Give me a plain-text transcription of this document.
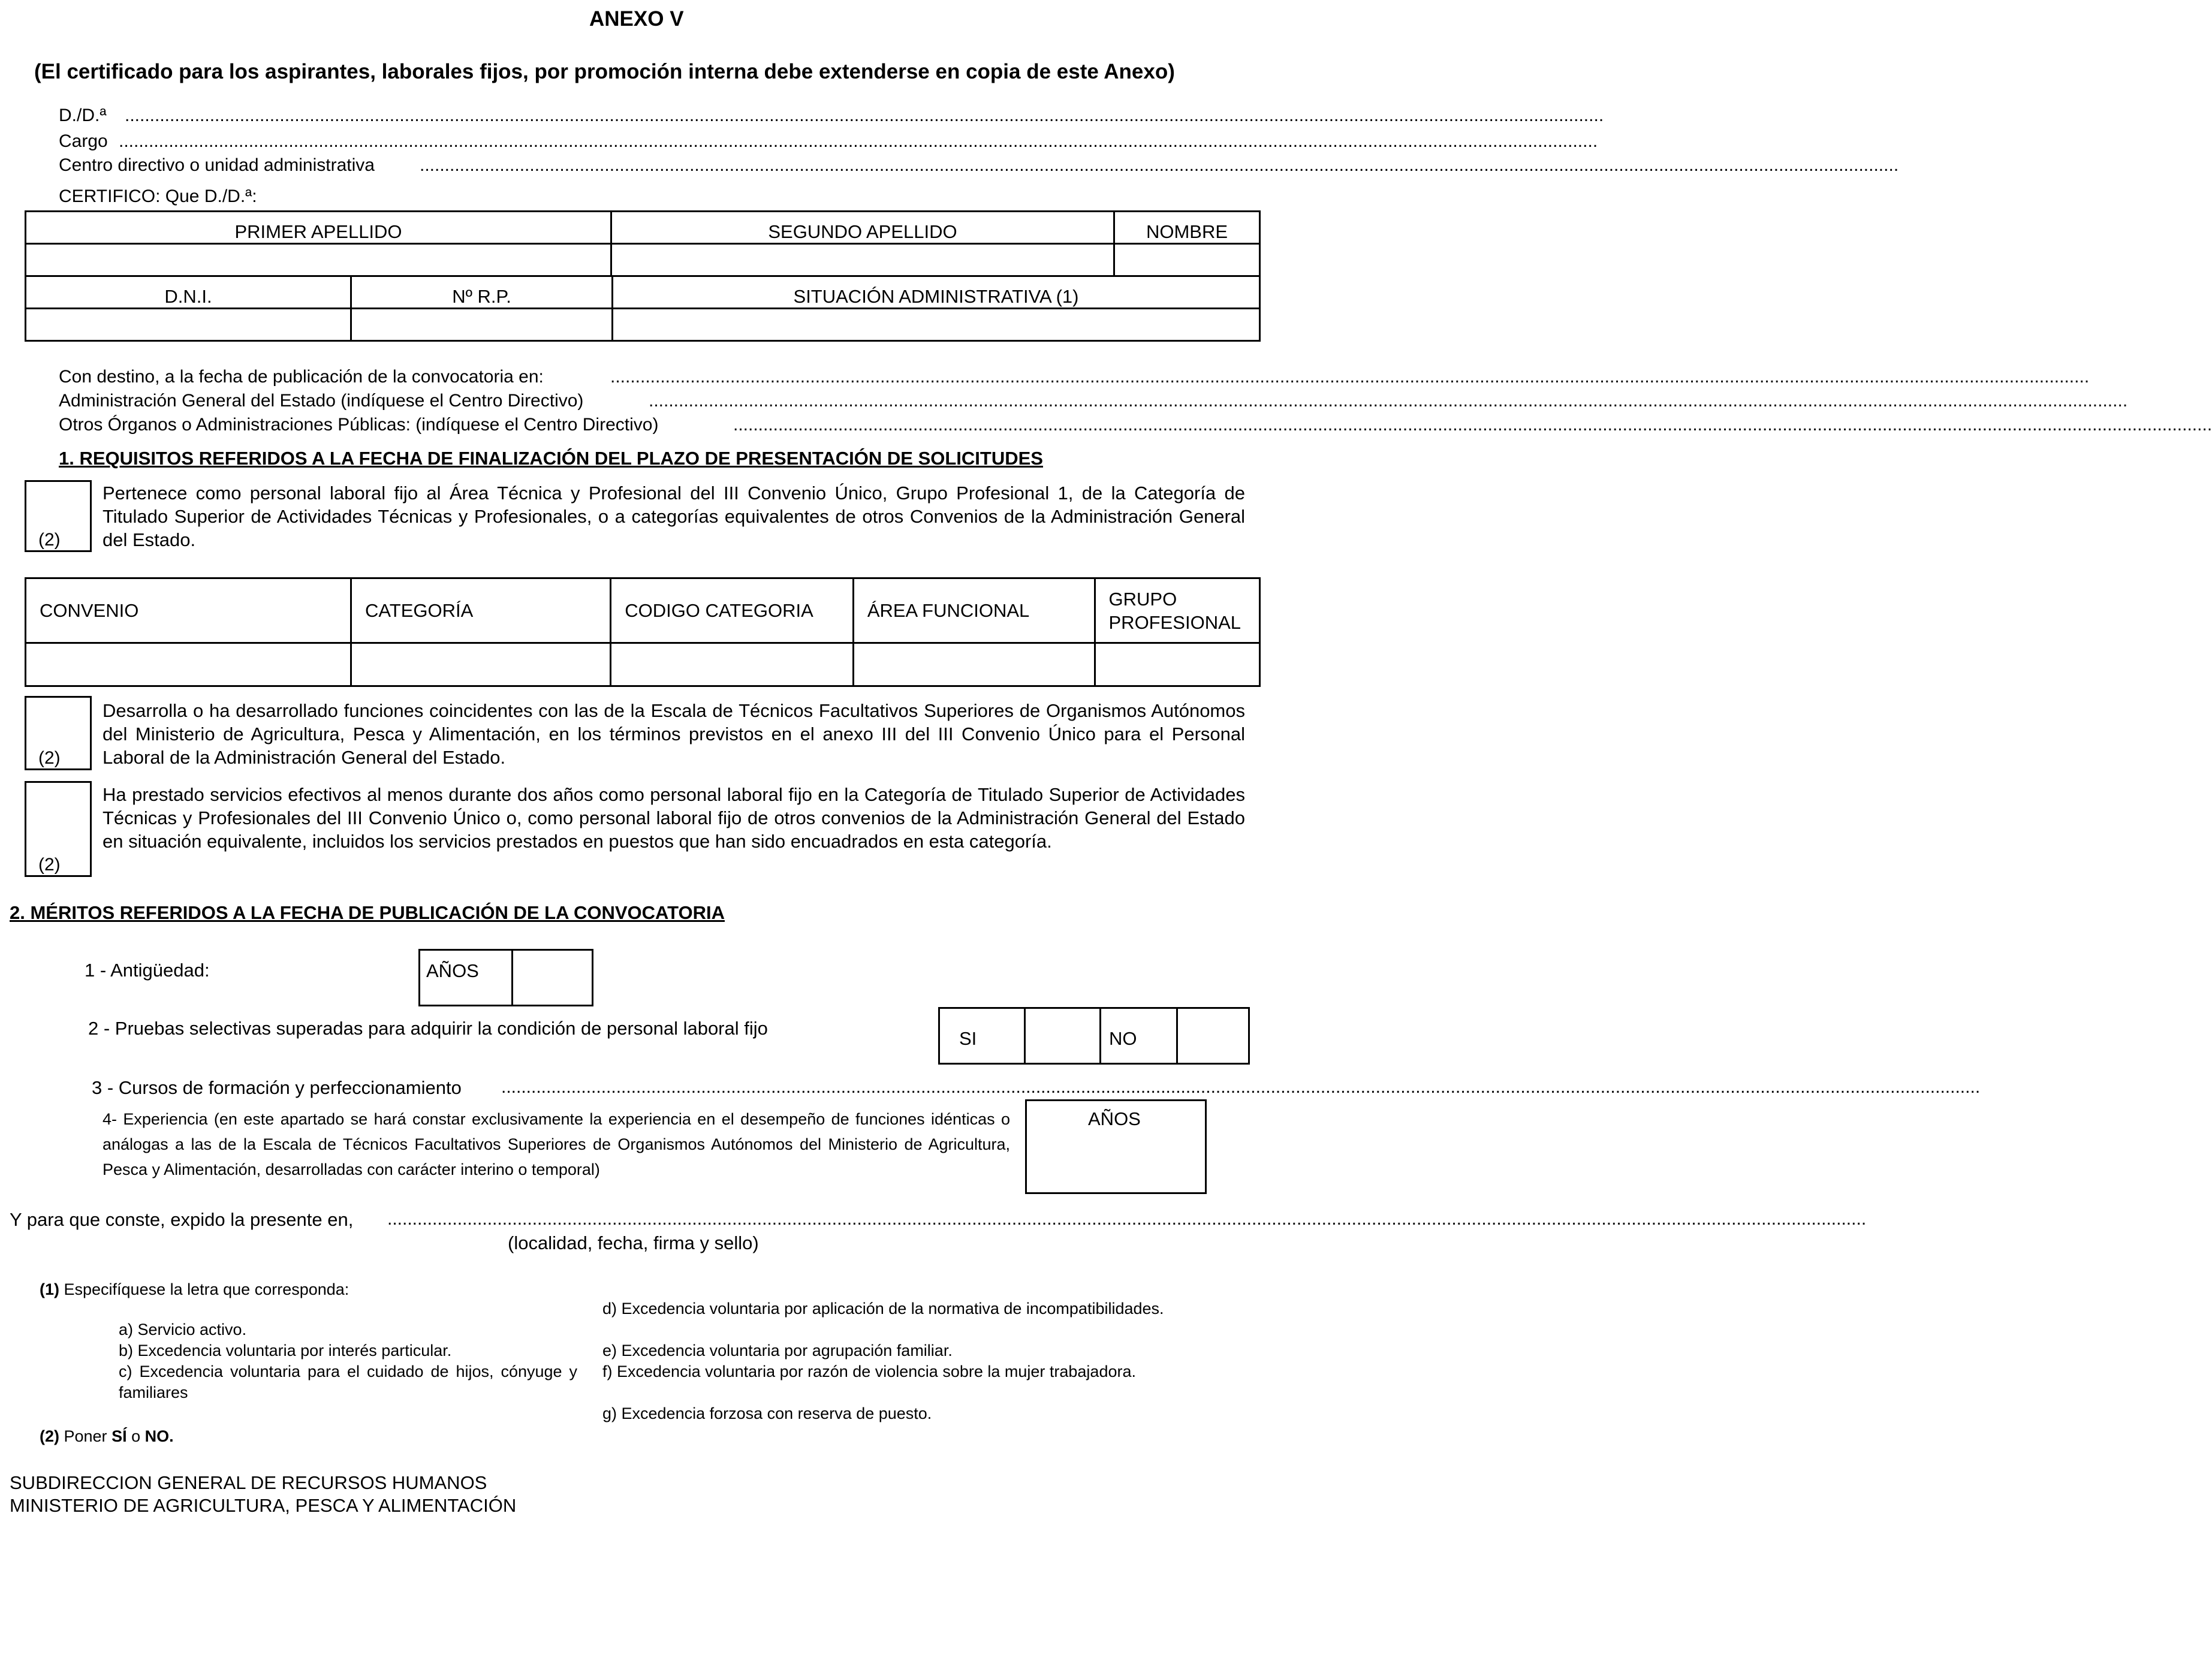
ANEXO V
(El certificado para los aspirantes, laborales fijos, por promoción interna debe extenderse en copia de este Anexo)
D./D.ª ........................................................................................................................................................................................................................................................................................................
Cargo ........................................................................................................................................................................................................................................................................................................
Centro directivo o unidad administrativa	........................................................................................................................................................................................................................................................................................................
CERTIFICO: Que D./D.ª:
PRIMER APELLIDO	SEGUNDO APELLIDO	NOMBRE

D.N.I.	Nº R.P.	SITUACIÓN ADMINISTRATIVA (1)

Con destino, a la fecha de publicación de la convocatoria en:	........................................................................................................................................................................................................................................................................................................
Administración General del Estado (indíquese el Centro Directivo)	........................................................................................................................................................................................................................................................................................................
Otros Órganos o Administraciones Públicas: (indíquese el Centro Directivo)	........................................................................................................................................................................................................................................................................................................
1. REQUISITOS REFERIDOS A LA FECHA DE FINALIZACIÓN DEL PLAZO DE PRESENTACIÓN DE SOLICITUDES
(2)
Pertenece como personal laboral fijo al Área Técnica y Profesional del III Convenio Único, Grupo Profesional 1, de la Categoría de Titulado Superior de Actividades Técnicas y Profesionales, o a categorías equivalentes de otros Convenios de la Administración General del Estado.
CONVENIO	CATEGORÍA	CODIGO CATEGORIA	ÁREA FUNCIONAL	GRUPO PROFESIONAL

(2)
Desarrolla o ha desarrollado funciones coincidentes con las de la Escala de Técnicos Facultativos Superiores de Organismos Autónomos del Ministerio de Agricultura, Pesca y Alimentación, en los términos previstos en el anexo III del III Convenio Único para el Personal Laboral de la Administración General del Estado.
(2)
Ha prestado servicios efectivos al menos durante dos años como personal laboral fijo en la Categoría de Titulado Superior de Actividades Técnicas y Profesionales del III Convenio Único o, como personal laboral fijo de otros convenios de la Administración General del Estado en situación equivalente, incluidos los servicios prestados en puestos que han sido encuadrados en esta categoría.
2. MÉRITOS REFERIDOS A LA FECHA DE PUBLICACIÓN DE LA CONVOCATORIA
1 - Antigüedad:	AÑOS
2 - Pruebas selectivas superadas para adquirir la condición de personal laboral fijo	SI	NO
3 - Cursos de formación y perfeccionamiento ........................................................................................................................................................................................................................................................................................................
4- Experiencia (en este apartado se hará constar exclusivamente la experiencia en el desempeño de funciones idénticas o análogas a las de la Escala de Técnicos Facultativos Superiores de Organismos Autónomos del Ministerio de Agricultura, Pesca y Alimentación, desarrolladas con carácter interino o temporal)
AÑOS
Y para que conste, expido la presente en, ........................................................................................................................................................................................................................................................................................................
(localidad, fecha, firma y sello)
(1) Especifíquese la letra que corresponda:
a) Servicio activo.
b) Excedencia voluntaria por interés particular.
c) Excedencia voluntaria para el cuidado de hijos, cónyuge y familiares
d) Excedencia voluntaria por aplicación de la normativa de incompatibilidades.
e) Excedencia voluntaria por agrupación familiar.
f) Excedencia voluntaria por razón de violencia sobre la mujer trabajadora.
g) Excedencia forzosa con reserva de puesto.
(2) Poner SÍ o NO.
SUBDIRECCION GENERAL DE RECURSOS HUMANOS
MINISTERIO DE AGRICULTURA, PESCA Y ALIMENTACIÓN
